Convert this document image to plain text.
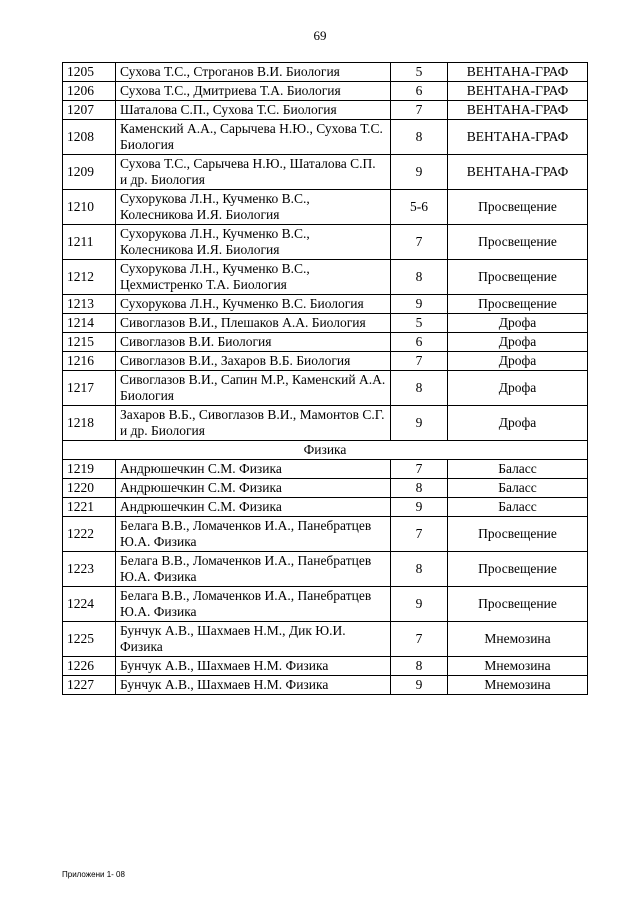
69
1205	Сухова Т.С., Строганов В.И. Биология	5	ВЕНТАНА-ГРАФ
1206	Сухова Т.С., Дмитриева Т.А. Биология	6	ВЕНТАНА-ГРАФ
1207	Шаталова С.П., Сухова Т.С. Биология	7	ВЕНТАНА-ГРАФ
1208	Каменский А.А., Сарычева Н.Ю., Сухова Т.С. Биология	8	ВЕНТАНА-ГРАФ
1209	Сухова Т.С., Сарычева Н.Ю., Шаталова С.П. и др. Биология	9	ВЕНТАНА-ГРАФ
1210	Сухорукова Л.Н., Кучменко В.С., Колесникова И.Я. Биология	5-6	Просвещение
1211	Сухорукова Л.Н., Кучменко В.С., Колесникова И.Я. Биология	7	Просвещение
1212	Сухорукова Л.Н., Кучменко В.С., Цехмистренко Т.А. Биология	8	Просвещение
1213	Сухорукова Л.Н., Кучменко В.С. Биология	9	Просвещение
1214	Сивоглазов В.И., Плешаков А.А. Биология	5	Дрофа
1215	Сивоглазов В.И. Биология	6	Дрофа
1216	Сивоглазов В.И., Захаров В.Б. Биология	7	Дрофа
1217	Сивоглазов В.И., Сапин М.Р., Каменский А.А. Биология	8	Дрофа
1218	Захаров В.Б., Сивоглазов В.И., Мамонтов С.Г. и др. Биология	9	Дрофа
Физика			
1219	Андрюшечкин С.М. Физика	7	Баласс
1220	Андрюшечкин С.М. Физика	8	Баласс
1221	Андрюшечкин С.М. Физика	9	Баласс
1222	Белага В.В., Ломаченков И.А., Панебратцев Ю.А. Физика	7	Просвещение
1223	Белага В.В., Ломаченков И.А., Панебратцев Ю.А. Физика	8	Просвещение
1224	Белага В.В., Ломаченков И.А., Панебратцев Ю.А. Физика	9	Просвещение
1225	Бунчук А.В., Шахмаев Н.М., Дик Ю.И. Физика	7	Мнемозина
1226	Бунчук А.В., Шахмаев Н.М. Физика	8	Мнемозина
1227	Бунчук А.В., Шахмаев Н.М. Физика	9	Мнемозина
Приложени 1- 08
